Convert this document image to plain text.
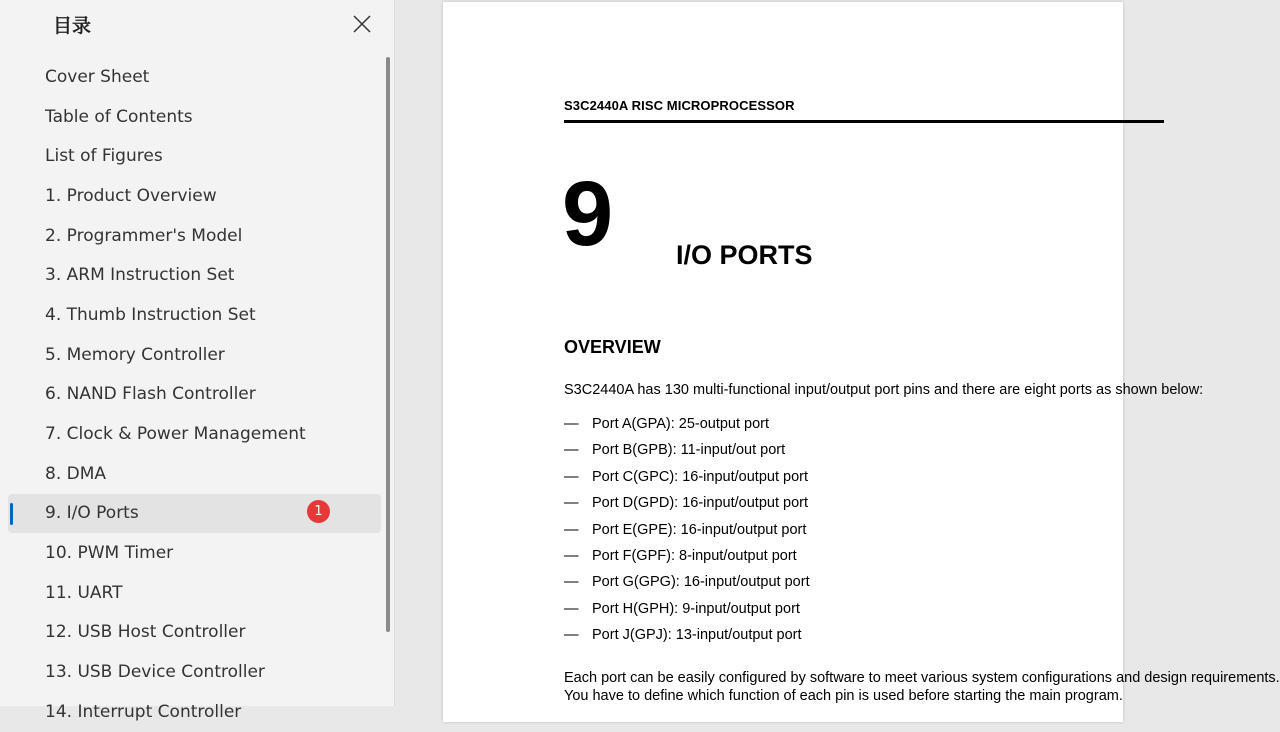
目录
Cover Sheet
Table of Contents
List of Figures
1. Product Overview
2. Programmer's Model
3. ARM Instruction Set
4. Thumb Instruction Set
5. Memory Controller
6. NAND Flash Controller
7. Clock & Power Management
8. DMA
9. I/O Ports	1
10. PWM Timer
11. UART
12. USB Host Controller
13. USB Device Controller
14. Interrupt Controller
S3C2440A RISC MICROPROCESSOR
9 I/O PORTS
OVERVIEW
S3C2440A has 130 multi-functional input/output port pins and there are eight ports as shown below:
— Port A(GPA): 25-output port
— Port B(GPB): 11-input/out port
— Port C(GPC): 16-input/output port
— Port D(GPD): 16-input/output port
— Port E(GPE): 16-input/output port
— Port F(GPF): 8-input/output port
— Port G(GPG): 16-input/output port
— Port H(GPH): 9-input/output port
— Port J(GPJ): 13-input/output port
Each port can be easily configured by software to meet various system configurations and design requirements.
You have to define which function of each pin is used before starting the main program.
